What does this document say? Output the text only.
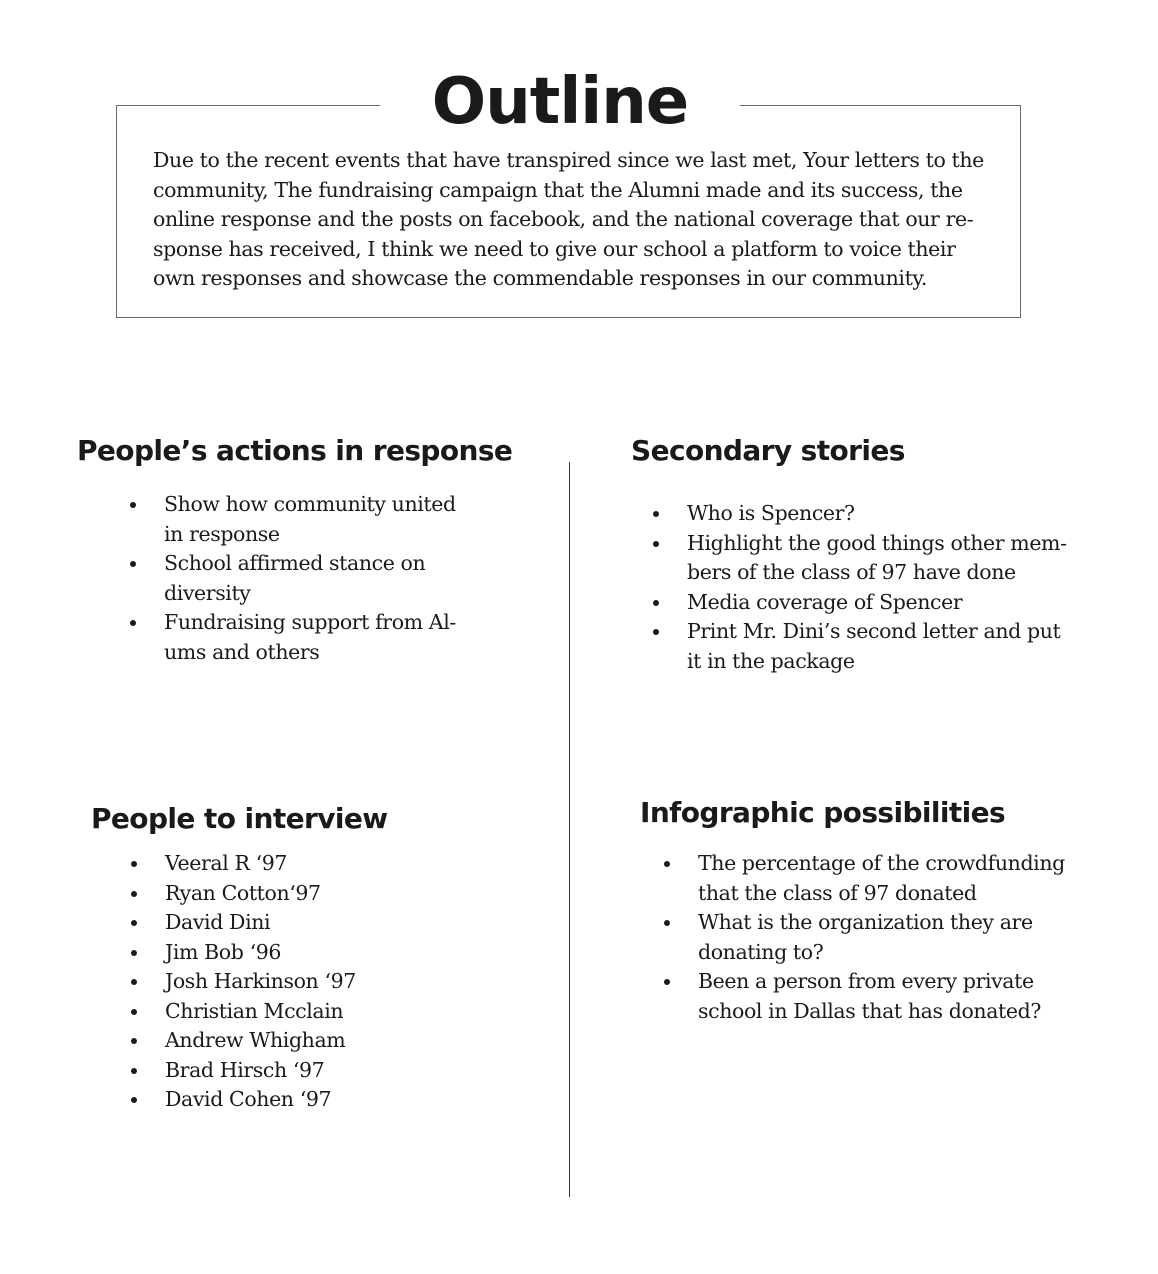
Outline

Due to the recent events that have transpired since we last met, Your letters to the community, The fundraising campaign that the Alumni made and its success, the online response and the posts on facebook, and the national coverage that our re-sponse has received, I think we need to give our school a platform to voice their own responses and showcase the commendable responses in our community.

People’s actions in response
Show how community united in response
School affirmed stance on diversity
Fundraising support from Al-ums and others
Secondary stories
Who is Spencer?
Highlight the good things other mem-bers of the class of 97 have done
Media coverage of Spencer
Print Mr. Dini’s second letter and put it in the package
People to interview
Veeral R ‘97
Ryan Cotton‘97
David Dini
Jim Bob ‘96
Josh Harkinson ‘97
Christian Mcclain
Andrew Whigham
Brad Hirsch ‘97
David Cohen ‘97
Infographic possibilities
The percentage of the crowdfunding that the class of 97 donated
What is the organization they are donating to?
Been a person from every private school in Dallas that has donated?
